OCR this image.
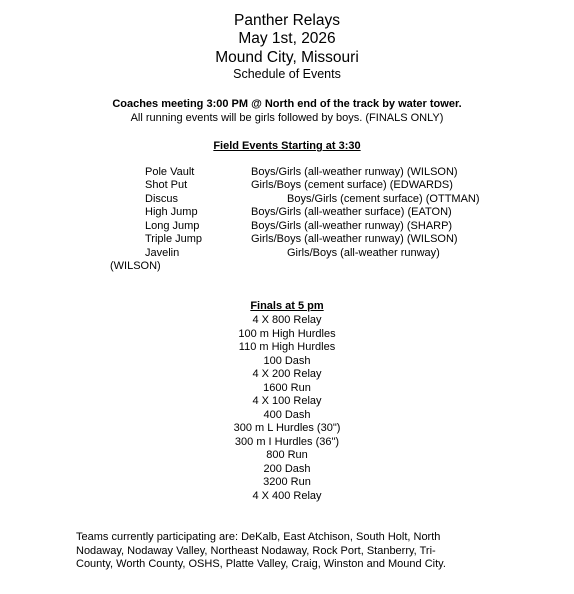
Panther Relays
May 1st, 2026
Mound City, Missouri
Schedule of Events
Coaches meeting 3:00 PM @ North end of the track by water tower.
All running events will be girls followed by boys. (FINALS ONLY)
Field Events Starting at 3:30
Pole Vault	Boys/Girls (all-weather runway) (WILSON)
Shot Put	Girls/Boys (cement surface) (EDWARDS)
Discus	Boys/Girls (cement surface) (OTTMAN)
High Jump	Boys/Girls (all-weather surface) (EATON)
Long Jump	Boys/Girls (all-weather runway) (SHARP)
Triple Jump	Girls/Boys (all-weather runway) (WILSON)
Javelin	Girls/Boys (all-weather runway)
(WILSON)
Finals at 5 pm
4 X 800 Relay
100 m High Hurdles
110 m High Hurdles
100 Dash
4 X 200 Relay
1600 Run
4 X 100 Relay
400 Dash
300 m L Hurdles (30")
300 m I Hurdles (36")
800 Run
200 Dash
3200 Run
4 X 400 Relay
Teams currently participating are: DeKalb, East Atchison, South Holt, North
Nodaway, Nodaway Valley, Northeast Nodaway, Rock Port, Stanberry, Tri-
County, Worth County, OSHS, Platte Valley, Craig, Winston and Mound City.
